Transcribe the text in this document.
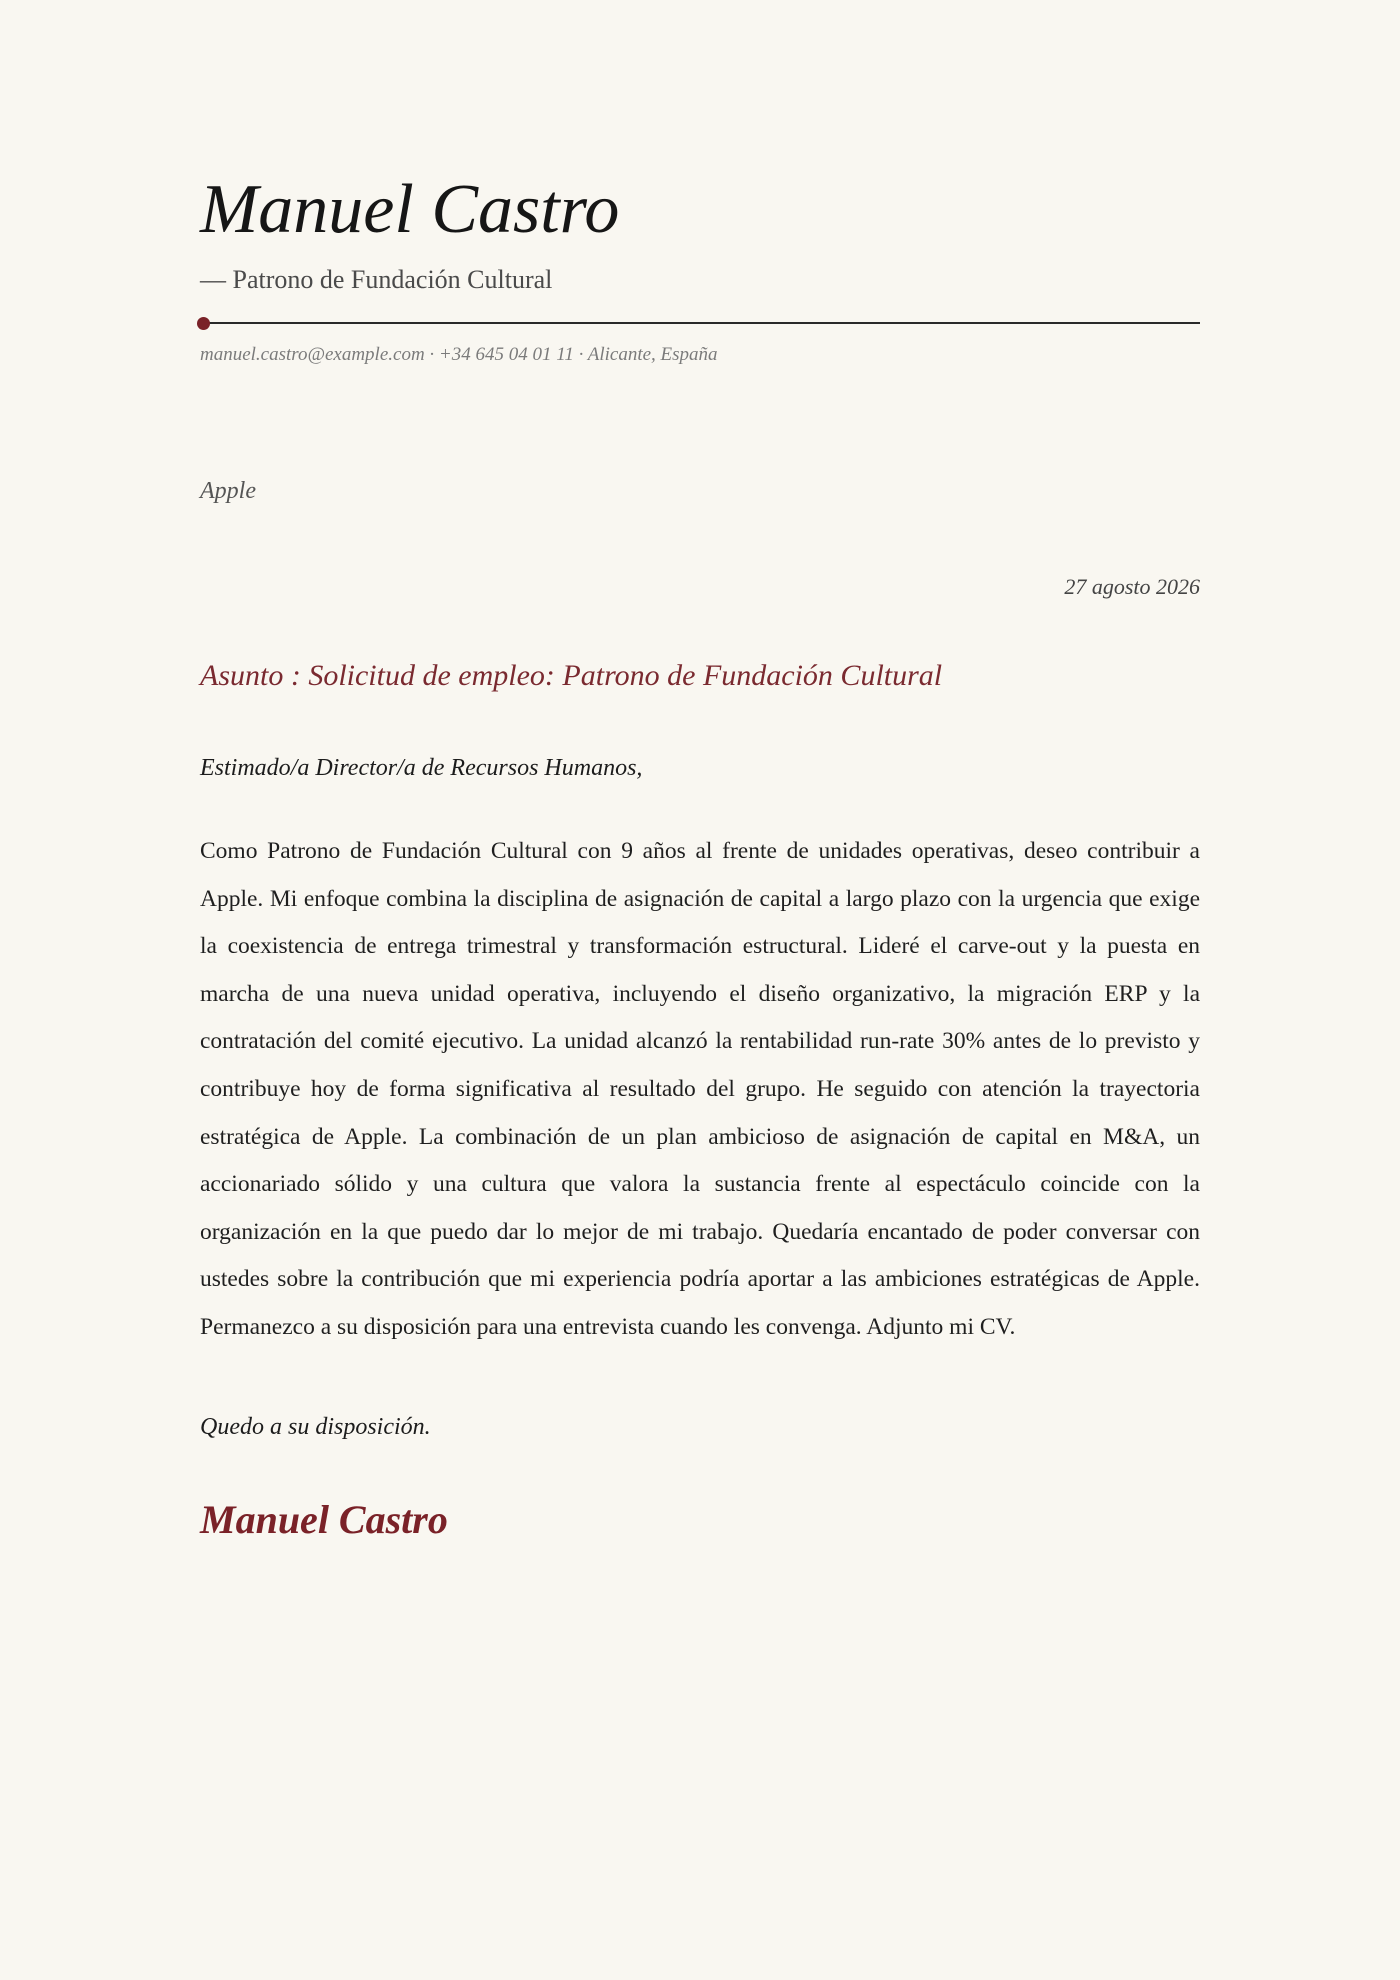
Manuel Castro
— Patrono de Fundación Cultural
manuel.castro@example.com · +34 645 04 01 11 · Alicante, España
Apple
27 agosto 2026
Asunto : Solicitud de empleo: Patrono de Fundación Cultural
Estimado/a Director/a de Recursos Humanos,

Como Patrono de Fundación Cultural con 9 años al frente de unidades operativas, deseo contribuir a Apple. Mi enfoque combina la disciplina de asignación de capital a largo plazo con la urgencia que exige la coexistencia de entrega trimestral y transformación estructural. Lideré el carve-out y la puesta en marcha de una nueva unidad operativa, incluyendo el diseño organizativo, la migración ERP y la contratación del comité ejecutivo. La unidad alcanzó la rentabilidad run-rate 30% antes de lo previsto y contribuye hoy de forma significativa al resultado del grupo. He seguido con atención la trayectoria estratégica de Apple. La combinación de un plan ambicioso de asignación de capital en M&A, un accionariado sólido y una cultura que valora la sustancia frente al espectáculo coincide con la organización en la que puedo dar lo mejor de mi trabajo. Quedaría encantado de poder conversar con ustedes sobre la contribución que mi experiencia podría aportar a las ambiciones estratégicas de Apple. Permanezco a su disposición para una entrevista cuando les convenga. Adjunto mi CV.

Quedo a su disposición.
Manuel Castro
